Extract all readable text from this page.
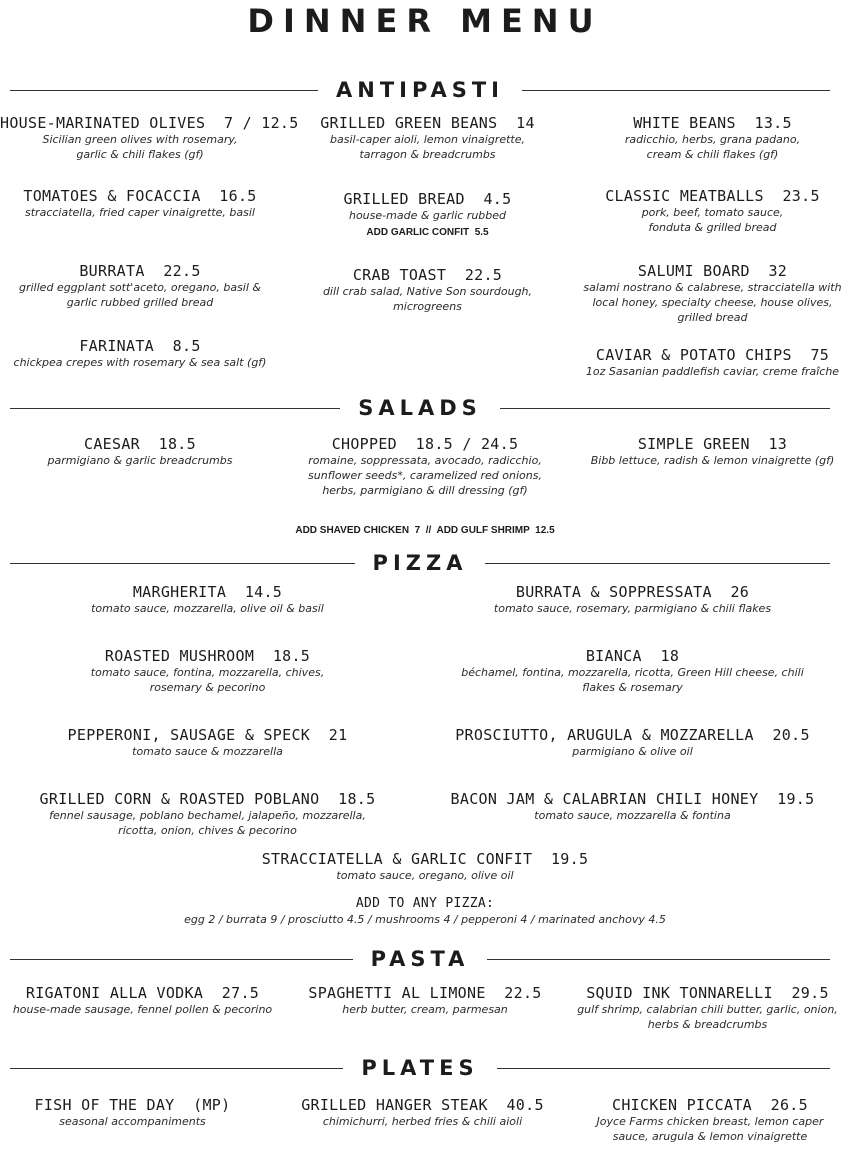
DINNER MENU
ANTIPASTI
HOUSE-MARINATED OLIVES  7 / 12.5
Sicilian green olives with rosemary, garlic & chili flakes (gf)
TOMATOES & FOCACCIA  16.5
stracciatella, fried caper vinaigrette, basil
BURRATA  22.5
grilled eggplant sott'aceto, oregano, basil & garlic rubbed grilled bread
FARINATA  8.5
chickpea crepes with rosemary & sea salt (gf)
GRILLED GREEN BEANS  14
basil-caper aioli, lemon vinaigrette, tarragon & breadcrumbs
GRILLED BREAD  4.5
house-made & garlic rubbed
ADD GARLIC CONFIT  5.5
CRAB TOAST  22.5
dill crab salad, Native Son sourdough, microgreens
WHITE BEANS  13.5
radicchio, herbs, grana padano, cream & chili flakes (gf)
CLASSIC MEATBALLS  23.5
pork, beef, tomato sauce, fonduta & grilled bread
SALUMI BOARD  32
salami nostrano & calabrese, stracciatella with local honey, specialty cheese, house olives, grilled bread
CAVIAR & POTATO CHIPS  75
1oz Sasanian paddlefish caviar, creme fraîche
SALADS
CAESAR  18.5
parmigiano & garlic breadcrumbs
CHOPPED  18.5 / 24.5
romaine, soppressata, avocado, radicchio, sunflower seeds*, caramelized red onions, herbs, parmigiano & dill dressing (gf)
SIMPLE GREEN  13
Bibb lettuce, radish & lemon vinaigrette (gf)
ADD SHAVED CHICKEN  7  //  ADD GULF SHRIMP  12.5
PIZZA
MARGHERITA  14.5
tomato sauce, mozzarella, olive oil & basil
ROASTED MUSHROOM  18.5
tomato sauce, fontina, mozzarella, chives, rosemary & pecorino
PEPPERONI, SAUSAGE & SPECK  21
tomato sauce & mozzarella
GRILLED CORN & ROASTED POBLANO  18.5
fennel sausage, poblano bechamel, jalapeño, mozzarella, ricotta, onion, chives & pecorino
BURRATA & SOPPRESSATA  26
tomato sauce, rosemary, parmigiano & chili flakes
BIANCA  18
béchamel, fontina, mozzarella, ricotta, Green Hill cheese, chili flakes & rosemary
PROSCIUTTO, ARUGULA & MOZZARELLA  20.5
parmigiano & olive oil
BACON JAM & CALABRIAN CHILI HONEY  19.5
tomato sauce, mozzarella & fontina
STRACCIATELLA & GARLIC CONFIT  19.5
tomato sauce, oregano, olive oil
ADD TO ANY PIZZA:
egg 2 / burrata 9 / prosciutto 4.5 / mushrooms 4 / pepperoni 4 / marinated anchovy 4.5
PASTA
RIGATONI ALLA VODKA  27.5
house-made sausage, fennel pollen & pecorino
SPAGHETTI AL LIMONE  22.5
herb butter, cream, parmesan
SQUID INK TONNARELLI  29.5
gulf shrimp, calabrian chili butter, garlic, onion, herbs & breadcrumbs
PLATES
FISH OF THE DAY  (MP)
seasonal accompaniments
GRILLED HANGER STEAK  40.5
chimichurri, herbed fries & chili aioli
CHICKEN PICCATA  26.5
Joyce Farms chicken breast, lemon caper sauce, arugula & lemon vinaigrette
